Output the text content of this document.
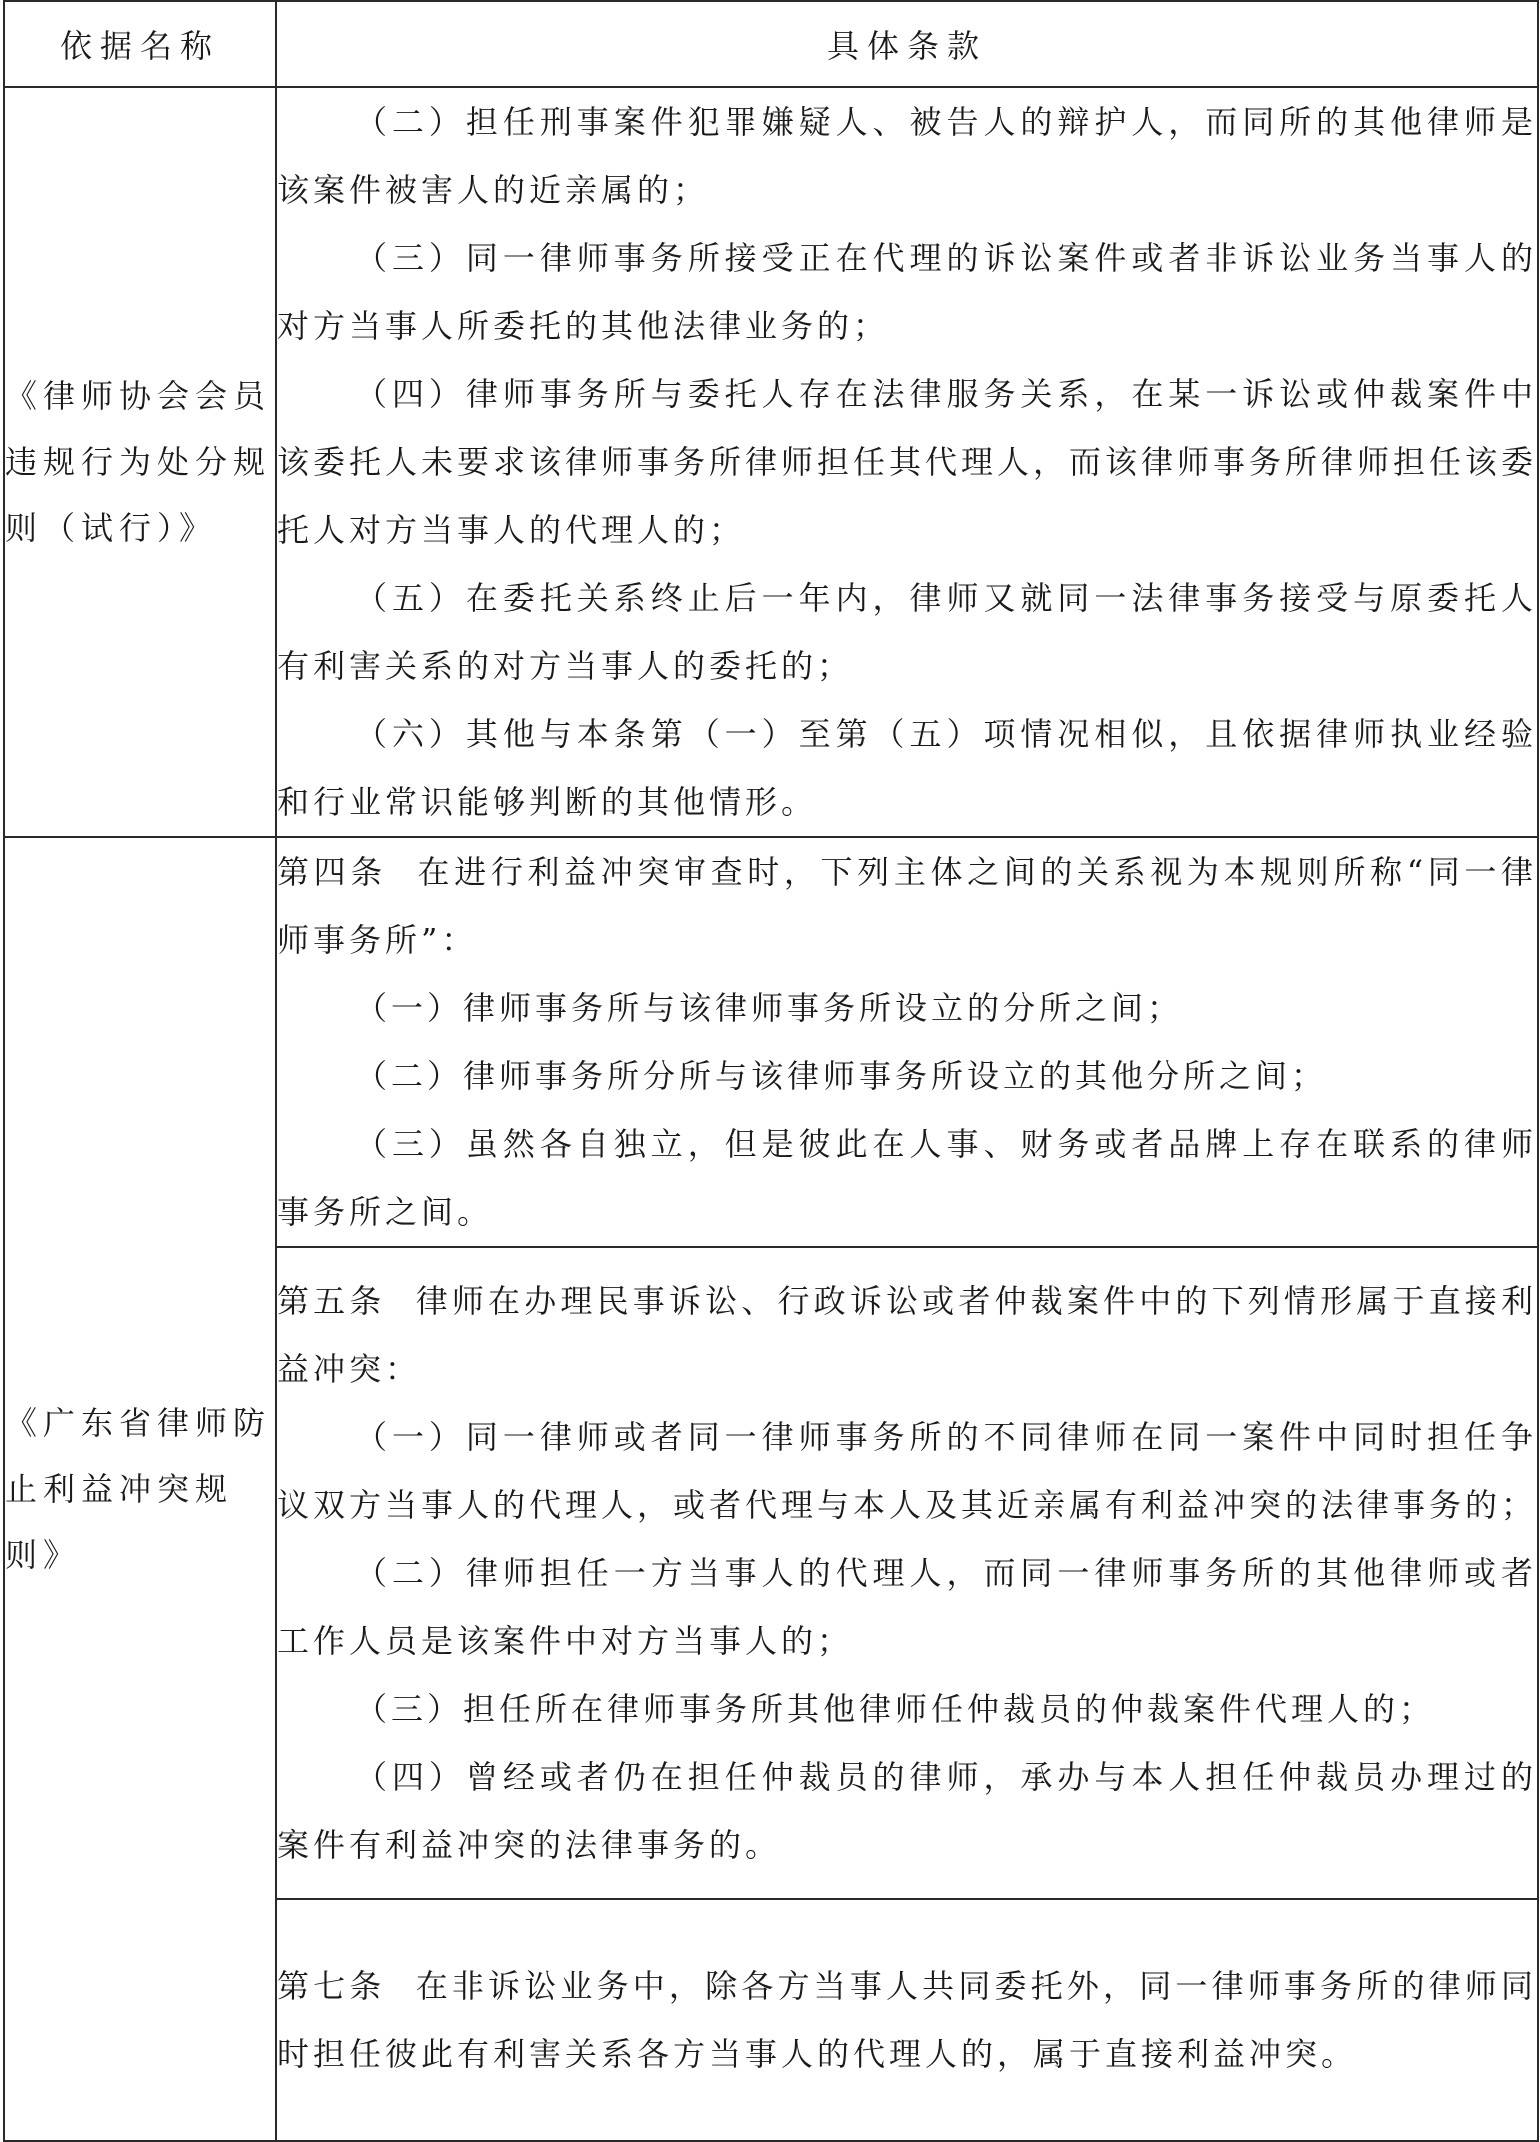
依据名称	具体条款
《律师协会会员违规行为处分规则（试行）》	（二）担任刑事案件犯罪嫌疑人、被告人的辩护人，而同所的其他律师是该案件被害人的近亲属的；

（三）同一律师事务所接受正在代理的诉讼案件或者非诉讼业务当事人的对方当事人所委托的其他法律业务的；

（四）律师事务所与委托人存在法律服务关系，在某一诉讼或仲裁案件中该委托人未要求该律师事务所律师担任其代理人，而该律师事务所律师担任该委托人对方当事人的代理人的；

（五）在委托关系终止后一年内，律师又就同一法律事务接受与原委托人有利害关系的对方当事人的委托的；

（六）其他与本条第（一）至第（五）项情况相似，且依据律师执业经验和行业常识能够判断的其他情形。

《广东省律师防止利益冲突规则》	第四条 在进行利益冲突审查时，下列主体之间的关系视为本规则所称“同一律师事务所”：

（一）律师事务所与该律师事务所设立的分所之间；

（二）律师事务所分所与该律师事务所设立的其他分所之间；

（三）虽然各自独立，但是彼此在人事、财务或者品牌上存在联系的律师事务所之间。

	第五条 律师在办理民事诉讼、行政诉讼或者仲裁案件中的下列情形属于直接利益冲突：

（一）同一律师或者同一律师事务所的不同律师在同一案件中同时担任争议双方当事人的代理人，或者代理与本人及其近亲属有利益冲突的法律事务的；

（二）律师担任一方当事人的代理人，而同一律师事务所的其他律师或者工作人员是该案件中对方当事人的；

（三）担任所在律师事务所其他律师任仲裁员的仲裁案件代理人的；

（四）曾经或者仍在担任仲裁员的律师，承办与本人担任仲裁员办理过的案件有利益冲突的法律事务的。

	第七条 在非诉讼业务中，除各方当事人共同委托外，同一律师事务所的律师同时担任彼此有利害关系各方当事人的代理人的，属于直接利益冲突。
